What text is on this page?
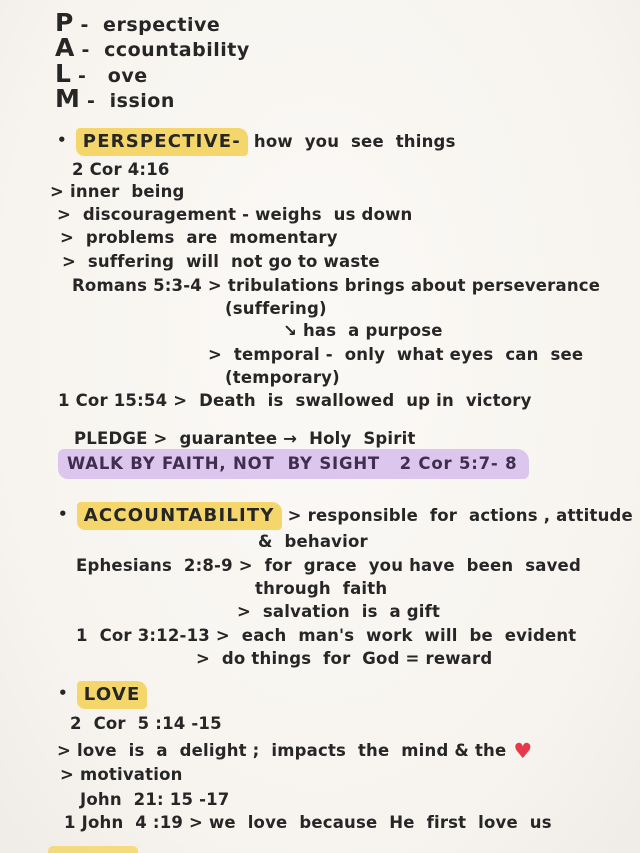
P -  erspective
A -  ccountability
L -   ove
M -  ission
• PERSPECTIVE- how  you  see  things
2 Cor 4:16
> inner  being
>  discouragement - weighs  us down
>  problems  are  momentary
>  suffering  will  not go to waste
Romans 5:3-4 > tribulations brings about perseverance
(suffering)
↘ has  a purpose
>  temporal -  only  what eyes  can  see
(temporary)
1 Cor 15:54 >  Death  is  swallowed  up in  victory
PLEDGE >  guarantee →  Holy  Spirit
WALK BY FAITH, NOT  BY SIGHT   2 Cor 5:7- 8
• ACCOUNTABILITY > responsible  for  actions , attitude
&  behavior
Ephesians  2:8-9 >  for  grace  you have  been  saved
through  faith
>  salvation  is  a gift
1  Cor 3:12-13 >  each  man's  work  will  be  evident
>  do things  for  God = reward
• LOVE
2  Cor  5 :14 -15
> love  is  a  delight ;  impacts  the  mind & the ♥
> motivation
John  21: 15 -17
1 John  4 :19 > we  love  because  He  first  love  us
